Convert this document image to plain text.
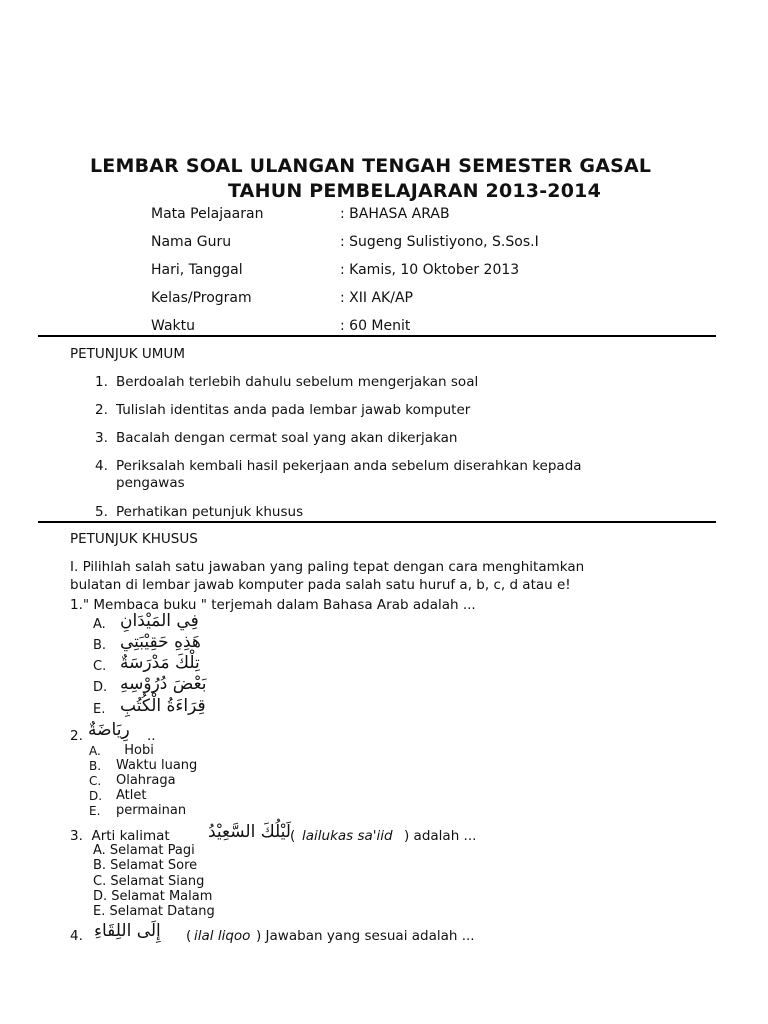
LEMBAR SOAL ULANGAN TENGAH SEMESTER GASAL
TAHUN PEMBELAJARAN 2013-2014
Mata Pelajaaran	: BAHASA ARAB
Nama Guru	: Sugeng Sulistiyono, S.Sos.I
Hari, Tanggal	: Kamis, 10 Oktober 2013
Kelas/Program	: XII AK/AP
Waktu	: 60 Menit
PETUNJUK UMUM
1. Berdoalah terlebih dahulu sebelum mengerjakan soal
2. Tulislah identitas anda pada lembar jawab komputer
3. Bacalah dengan cermat soal yang akan dikerjakan
4. Periksalah kembali hasil pekerjaan anda sebelum diserahkan kepada
pengawas
5. Perhatikan petunjuk khusus
PETUNJUK KHUSUS
I. Pilihlah salah satu jawaban yang paling tepat dengan cara menghitamkan
bulatan di lembar jawab komputer pada salah satu huruf a, b, c, d atau e!
1." Membaca buku " terjemah dalam Bahasa Arab adalah ...
A. فِي المَيْدَانِ
B. هَذِهِ حَقِيْبَتِي
C. تِلْكَ مَدْرَسَةٌ
D. بَعْضَ دُرُوْسِهِ
E. قِرَاءَةُ الْكُتُبِ
2. رِيَاضَةٌ ..
A. Hobi
B. Waktu luang
C. Olahraga
D. Atlet
E. permainan
3.  Arti kalimat لَيْلُكَ السَّعِيْدُ ( lailukas sa'iid ) adalah ...
A. Selamat Pagi
B. Selamat Sore
C. Selamat Siang
D. Selamat Malam
E. Selamat Datang
4. إِلَى اللِقَاءِ ( ilal liqoo ) Jawaban yang sesuai adalah ...
